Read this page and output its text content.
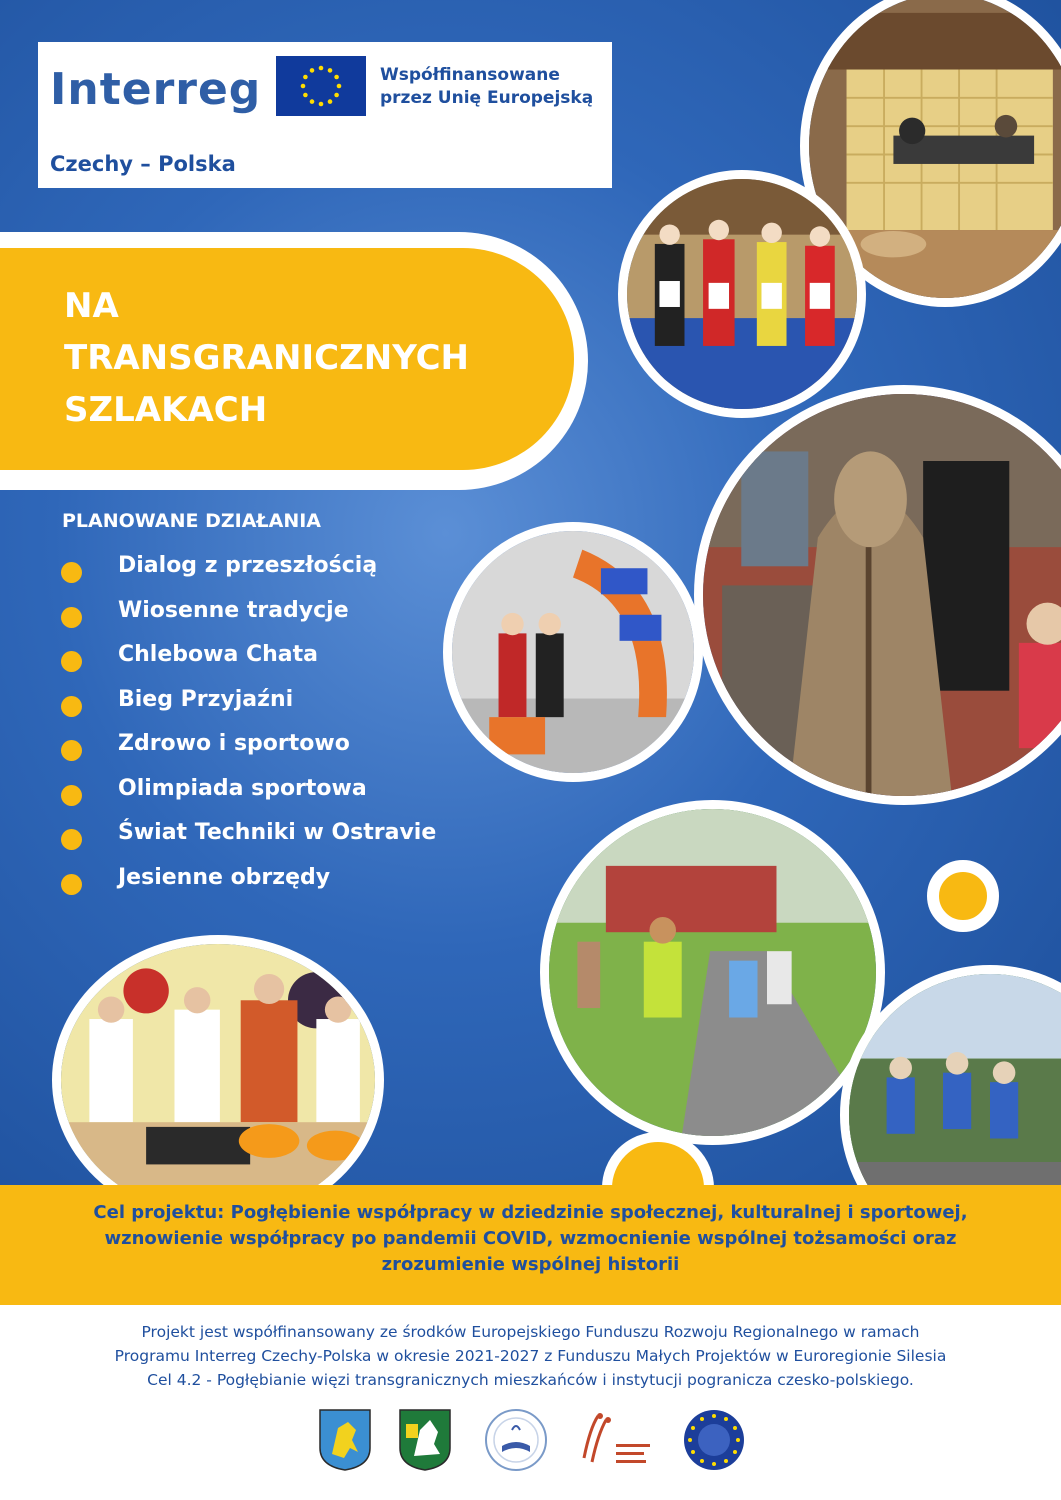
Interreg	Współfinansowane
przez Unię Europejską
Czechy – Polska
NA
TRANSGRANICZNYCH
SZLAKACH
PLANOWANE DZIAŁANIA
Dialog z przeszłością
Wiosenne tradycje
Chlebowa Chata
Bieg Przyjaźni
Zdrowo i sportowo
Olimpiada sportowa
Świat Techniki w Ostravie
Jesienne obrzędy
Cel projektu: Pogłębienie współpracy w dziedzinie społecznej, kulturalnej i sportowej,
wznowienie współpracy po pandemii COVID, wzmocnienie wspólnej tożsamości oraz
zrozumienie wspólnej historii
Projekt jest współfinansowany ze środków Europejskiego Funduszu Rozwoju Regionalnego w ramach
Programu Interreg Czechy-Polska w okresie 2021-2027 z Funduszu Małych Projektów w Euroregionie Silesia
Cel 4.2 - Pogłębianie więzi transgranicznych mieszkańców i instytucji pogranicza czesko-polskiego.
